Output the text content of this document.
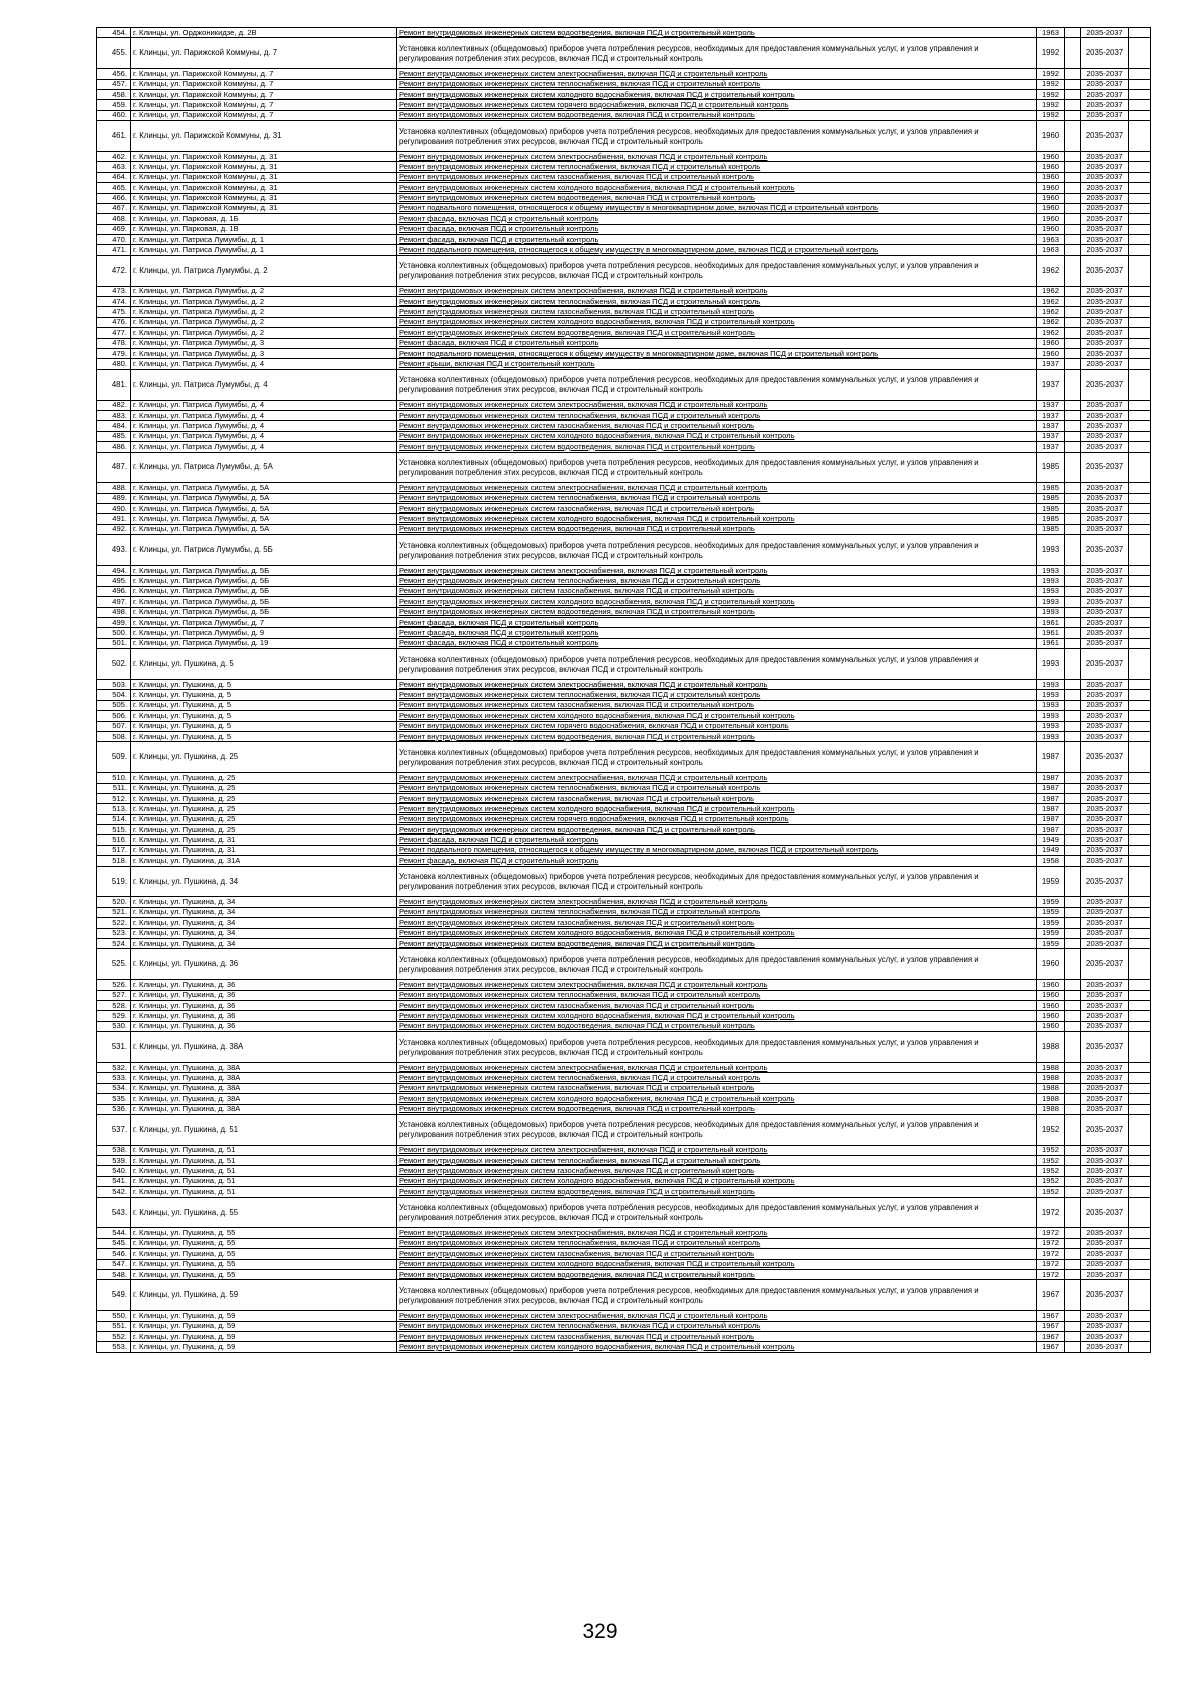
454.	г. Клинцы, ул. Орджоникидзе, д. 2В	Ремонт внутридомовых инженерных систем водоотведения, включая ПСД и строительный контроль	1963		2035-2037	
455.	г. Клинцы, ул. Парижской Коммуны, д. 7	Установка коллективных (общедомовых) приборов учета потребления ресурсов, необходимых для предоставления коммунальных услуг, и узлов управления и регулирования потребления этих ресурсов, включая ПСД и строительный контроль	1992		2035-2037	
456.	г. Клинцы, ул. Парижской Коммуны, д. 7	Ремонт внутридомовых инженерных систем электроснабжения, включая ПСД и строительный контроль	1992		2035-2037	
457.	г. Клинцы, ул. Парижской Коммуны, д. 7	Ремонт внутридомовых инженерных систем теплоснабжения, включая ПСД и строительный контроль	1992		2035-2037	
458.	г. Клинцы, ул. Парижской Коммуны, д. 7	Ремонт внутридомовых инженерных систем холодного водоснабжения, включая ПСД и строительный контроль	1992		2035-2037	
459.	г. Клинцы, ул. Парижской Коммуны, д. 7	Ремонт внутридомовых инженерных систем горячего водоснабжения, включая ПСД и строительный контроль	1992		2035-2037	
460.	г. Клинцы, ул. Парижской Коммуны, д. 7	Ремонт внутридомовых инженерных систем водоотведения, включая ПСД и строительный контроль	1992		2035-2037	
461.	г. Клинцы, ул. Парижской Коммуны, д. 31	Установка коллективных (общедомовых) приборов учета потребления ресурсов, необходимых для предоставления коммунальных услуг, и узлов управления и регулирования потребления этих ресурсов, включая ПСД и строительный контроль	1960		2035-2037	
462.	г. Клинцы, ул. Парижской Коммуны, д. 31	Ремонт внутридомовых инженерных систем электроснабжения, включая ПСД и строительный контроль	1960		2035-2037	
463.	г. Клинцы, ул. Парижской Коммуны, д. 31	Ремонт внутридомовых инженерных систем теплоснабжения, включая ПСД и строительный контроль	1960		2035-2037	
464.	г. Клинцы, ул. Парижской Коммуны, д. 31	Ремонт внутридомовых инженерных систем газоснабжения, включая ПСД и строительный контроль	1960		2035-2037	
465.	г. Клинцы, ул. Парижской Коммуны, д. 31	Ремонт внутридомовых инженерных систем холодного водоснабжения, включая ПСД и строительный контроль	1960		2035-2037	
466.	г. Клинцы, ул. Парижской Коммуны, д. 31	Ремонт внутридомовых инженерных систем водоотведения, включая ПСД и строительный контроль	1960		2035-2037	
467.	г. Клинцы, ул. Парижской Коммуны, д. 31	Ремонт подвального помещения, относящегося к общему имуществу в многоквартирном доме, включая ПСД и строительный контроль	1960		2035-2037	
468.	г. Клинцы, ул. Парковая, д. 1Б	Ремонт фасада, включая ПСД и строительный контроль	1960		2035-2037	
469.	г. Клинцы, ул. Парковая, д. 1В	Ремонт фасада, включая ПСД и строительный контроль	1960		2035-2037	
470.	г. Клинцы, ул. Патриса Лумумбы, д. 1	Ремонт фасада, включая ПСД и строительный контроль	1963		2035-2037	
471.	г. Клинцы, ул. Патриса Лумумбы, д. 1	Ремонт подвального помещения, относящегося к общему имуществу в многоквартирном доме, включая ПСД и строительный контроль	1963		2035-2037	
472.	г. Клинцы, ул. Патриса Лумумбы, д. 2	Установка коллективных (общедомовых) приборов учета потребления ресурсов, необходимых для предоставления коммунальных услуг, и узлов управления и регулирования потребления этих ресурсов, включая ПСД и строительный контроль	1962		2035-2037	
473.	г. Клинцы, ул. Патриса Лумумбы, д. 2	Ремонт внутридомовых инженерных систем электроснабжения, включая ПСД и строительный контроль	1962		2035-2037	
474.	г. Клинцы, ул. Патриса Лумумбы, д. 2	Ремонт внутридомовых инженерных систем теплоснабжения, включая ПСД и строительный контроль	1962		2035-2037	
475.	г. Клинцы, ул. Патриса Лумумбы, д. 2	Ремонт внутридомовых инженерных систем газоснабжения, включая ПСД и строительный контроль	1962		2035-2037	
476.	г. Клинцы, ул. Патриса Лумумбы, д. 2	Ремонт внутридомовых инженерных систем холодного водоснабжения, включая ПСД и строительный контроль	1962		2035-2037	
477.	г. Клинцы, ул. Патриса Лумумбы, д. 2	Ремонт внутридомовых инженерных систем водоотведения, включая ПСД и строительный контроль	1962		2035-2037	
478.	г. Клинцы, ул. Патриса Лумумбы, д. 3	Ремонт фасада, включая ПСД и строительный контроль	1960		2035-2037	
479.	г. Клинцы, ул. Патриса Лумумбы, д. 3	Ремонт подвального помещения, относящегося к общему имуществу в многоквартирном доме, включая ПСД и строительный контроль	1960		2035-2037	
480.	г. Клинцы, ул. Патриса Лумумбы, д. 4	Ремонт крыши, включая ПСД и строительный контроль	1937		2035-2037	
481.	г. Клинцы, ул. Патриса Лумумбы, д. 4	Установка коллективных (общедомовых) приборов учета потребления ресурсов, необходимых для предоставления коммунальных услуг, и узлов управления и регулирования потребления этих ресурсов, включая ПСД и строительный контроль	1937		2035-2037	
482.	г. Клинцы, ул. Патриса Лумумбы, д. 4	Ремонт внутридомовых инженерных систем электроснабжения, включая ПСД и строительный контроль	1937		2035-2037	
483.	г. Клинцы, ул. Патриса Лумумбы, д. 4	Ремонт внутридомовых инженерных систем теплоснабжения, включая ПСД и строительный контроль	1937		2035-2037	
484.	г. Клинцы, ул. Патриса Лумумбы, д. 4	Ремонт внутридомовых инженерных систем газоснабжения, включая ПСД и строительный контроль	1937		2035-2037	
485.	г. Клинцы, ул. Патриса Лумумбы, д. 4	Ремонт внутридомовых инженерных систем холодного водоснабжения, включая ПСД и строительный контроль	1937		2035-2037	
486.	г. Клинцы, ул. Патриса Лумумбы, д. 4	Ремонт внутридомовых инженерных систем водоотведения, включая ПСД и строительный контроль	1937		2035-2037	
487.	г. Клинцы, ул. Патриса Лумумбы, д. 5А	Установка коллективных (общедомовых) приборов учета потребления ресурсов, необходимых для предоставления коммунальных услуг, и узлов управления и регулирования потребления этих ресурсов, включая ПСД и строительный контроль	1985		2035-2037	
488.	г. Клинцы, ул. Патриса Лумумбы, д. 5А	Ремонт внутридомовых инженерных систем электроснабжения, включая ПСД и строительный контроль	1985		2035-2037	
489.	г. Клинцы, ул. Патриса Лумумбы, д. 5А	Ремонт внутридомовых инженерных систем теплоснабжения, включая ПСД и строительный контроль	1985		2035-2037	
490.	г. Клинцы, ул. Патриса Лумумбы, д. 5А	Ремонт внутридомовых инженерных систем газоснабжения, включая ПСД и строительный контроль	1985		2035-2037	
491.	г. Клинцы, ул. Патриса Лумумбы, д. 5А	Ремонт внутридомовых инженерных систем холодного водоснабжения, включая ПСД и строительный контроль	1985		2035-2037	
492.	г. Клинцы, ул. Патриса Лумумбы, д. 5А	Ремонт внутридомовых инженерных систем водоотведения, включая ПСД и строительный контроль	1985		2035-2037	
493.	г. Клинцы, ул. Патриса Лумумбы, д. 5Б	Установка коллективных (общедомовых) приборов учета потребления ресурсов, необходимых для предоставления коммунальных услуг, и узлов управления и регулирования потребления этих ресурсов, включая ПСД и строительный контроль	1993		2035-2037	
494.	г. Клинцы, ул. Патриса Лумумбы, д. 5Б	Ремонт внутридомовых инженерных систем электроснабжения, включая ПСД и строительный контроль	1993		2035-2037	
495.	г. Клинцы, ул. Патриса Лумумбы, д. 5Б	Ремонт внутридомовых инженерных систем теплоснабжения, включая ПСД и строительный контроль	1993		2035-2037	
496.	г. Клинцы, ул. Патриса Лумумбы, д. 5Б	Ремонт внутридомовых инженерных систем газоснабжения, включая ПСД и строительный контроль	1993		2035-2037	
497.	г. Клинцы, ул. Патриса Лумумбы, д. 5Б	Ремонт внутридомовых инженерных систем холодного водоснабжения, включая ПСД и строительный контроль	1993		2035-2037	
498.	г. Клинцы, ул. Патриса Лумумбы, д. 5Б	Ремонт внутридомовых инженерных систем водоотведения, включая ПСД и строительный контроль	1993		2035-2037	
499.	г. Клинцы, ул. Патриса Лумумбы, д. 7	Ремонт фасада, включая ПСД и строительный контроль	1961		2035-2037	
500.	г. Клинцы, ул. Патриса Лумумбы, д. 9	Ремонт фасада, включая ПСД и строительный контроль	1961		2035-2037	
501.	г. Клинцы, ул. Патриса Лумумбы, д. 19	Ремонт фасада, включая ПСД и строительный контроль	1961		2035-2037	
502.	г. Клинцы, ул. Пушкина, д. 5	Установка коллективных (общедомовых) приборов учета потребления ресурсов, необходимых для предоставления коммунальных услуг, и узлов управления и регулирования потребления этих ресурсов, включая ПСД и строительный контроль	1993		2035-2037	
503.	г. Клинцы, ул. Пушкина, д. 5	Ремонт внутридомовых инженерных систем электроснабжения, включая ПСД и строительный контроль	1993		2035-2037	
504.	г. Клинцы, ул. Пушкина, д. 5	Ремонт внутридомовых инженерных систем теплоснабжения, включая ПСД и строительный контроль	1993		2035-2037	
505.	г. Клинцы, ул. Пушкина, д. 5	Ремонт внутридомовых инженерных систем газоснабжения, включая ПСД и строительный контроль	1993		2035-2037	
506.	г. Клинцы, ул. Пушкина, д. 5	Ремонт внутридомовых инженерных систем холодного водоснабжения, включая ПСД и строительный контроль	1993		2035-2037	
507.	г. Клинцы, ул. Пушкина, д. 5	Ремонт внутридомовых инженерных систем горячего водоснабжения, включая ПСД и строительный контроль	1993		2035-2037	
508.	г. Клинцы, ул. Пушкина, д. 5	Ремонт внутридомовых инженерных систем водоотведения, включая ПСД и строительный контроль	1993		2035-2037	
509.	г. Клинцы, ул. Пушкина, д. 25	Установка коллективных (общедомовых) приборов учета потребления ресурсов, необходимых для предоставления коммунальных услуг, и узлов управления и регулирования потребления этих ресурсов, включая ПСД и строительный контроль	1987		2035-2037	
510.	г. Клинцы, ул. Пушкина, д. 25	Ремонт внутридомовых инженерных систем электроснабжения, включая ПСД и строительный контроль	1987		2035-2037	
511.	г. Клинцы, ул. Пушкина, д. 25	Ремонт внутридомовых инженерных систем теплоснабжения, включая ПСД и строительный контроль	1987		2035-2037	
512.	г. Клинцы, ул. Пушкина, д. 25	Ремонт внутридомовых инженерных систем газоснабжения, включая ПСД и строительный контроль	1987		2035-2037	
513.	г. Клинцы, ул. Пушкина, д. 25	Ремонт внутридомовых инженерных систем холодного водоснабжения, включая ПСД и строительный контроль	1987		2035-2037	
514.	г. Клинцы, ул. Пушкина, д. 25	Ремонт внутридомовых инженерных систем горячего водоснабжения, включая ПСД и строительный контроль	1987		2035-2037	
515.	г. Клинцы, ул. Пушкина, д. 25	Ремонт внутридомовых инженерных систем водоотведения, включая ПСД и строительный контроль	1987		2035-2037	
516.	г. Клинцы, ул. Пушкина, д. 31	Ремонт фасада, включая ПСД и строительный контроль	1949		2035-2037	
517.	г. Клинцы, ул. Пушкина, д. 31	Ремонт подвального помещения, относящегося к общему имуществу в многоквартирном доме, включая ПСД и строительный контроль	1949		2035-2037	
518.	г. Клинцы, ул. Пушкина, д. 31А	Ремонт фасада, включая ПСД и строительный контроль	1958		2035-2037	
519.	г. Клинцы, ул. Пушкина, д. 34	Установка коллективных (общедомовых) приборов учета потребления ресурсов, необходимых для предоставления коммунальных услуг, и узлов управления и регулирования потребления этих ресурсов, включая ПСД и строительный контроль	1959		2035-2037	
520.	г. Клинцы, ул. Пушкина, д. 34	Ремонт внутридомовых инженерных систем электроснабжения, включая ПСД и строительный контроль	1959		2035-2037	
521.	г. Клинцы, ул. Пушкина, д. 34	Ремонт внутридомовых инженерных систем теплоснабжения, включая ПСД и строительный контроль	1959		2035-2037	
522.	г. Клинцы, ул. Пушкина, д. 34	Ремонт внутридомовых инженерных систем газоснабжения, включая ПСД и строительный контроль	1959		2035-2037	
523.	г. Клинцы, ул. Пушкина, д. 34	Ремонт внутридомовых инженерных систем холодного водоснабжения, включая ПСД и строительный контроль	1959		2035-2037	
524.	г. Клинцы, ул. Пушкина, д. 34	Ремонт внутридомовых инженерных систем водоотведения, включая ПСД и строительный контроль	1959		2035-2037	
525.	г. Клинцы, ул. Пушкина, д. 36	Установка коллективных (общедомовых) приборов учета потребления ресурсов, необходимых для предоставления коммунальных услуг, и узлов управления и регулирования потребления этих ресурсов, включая ПСД и строительный контроль	1960		2035-2037	
526.	г. Клинцы, ул. Пушкина, д. 36	Ремонт внутридомовых инженерных систем электроснабжения, включая ПСД и строительный контроль	1960		2035-2037	
527.	г. Клинцы, ул. Пушкина, д. 36	Ремонт внутридомовых инженерных систем теплоснабжения, включая ПСД и строительный контроль	1960		2035-2037	
528.	г. Клинцы, ул. Пушкина, д. 36	Ремонт внутридомовых инженерных систем газоснабжения, включая ПСД и строительный контроль	1960		2035-2037	
529.	г. Клинцы, ул. Пушкина, д. 36	Ремонт внутридомовых инженерных систем холодного водоснабжения, включая ПСД и строительный контроль	1960		2035-2037	
530.	г. Клинцы, ул. Пушкина, д. 36	Ремонт внутридомовых инженерных систем водоотведения, включая ПСД и строительный контроль	1960		2035-2037	
531.	г. Клинцы, ул. Пушкина, д. 38А	Установка коллективных (общедомовых) приборов учета потребления ресурсов, необходимых для предоставления коммунальных услуг, и узлов управления и регулирования потребления этих ресурсов, включая ПСД и строительный контроль	1988		2035-2037	
532.	г. Клинцы, ул. Пушкина, д. 38А	Ремонт внутридомовых инженерных систем электроснабжения, включая ПСД и строительный контроль	1988		2035-2037	
533.	г. Клинцы, ул. Пушкина, д. 38А	Ремонт внутридомовых инженерных систем теплоснабжения, включая ПСД и строительный контроль	1988		2035-2037	
534.	г. Клинцы, ул. Пушкина, д. 38А	Ремонт внутридомовых инженерных систем газоснабжения, включая ПСД и строительный контроль	1988		2035-2037	
535.	г. Клинцы, ул. Пушкина, д. 38А	Ремонт внутридомовых инженерных систем холодного водоснабжения, включая ПСД и строительный контроль	1988		2035-2037	
536.	г. Клинцы, ул. Пушкина, д. 38А	Ремонт внутридомовых инженерных систем водоотведения, включая ПСД и строительный контроль	1988		2035-2037	
537.	г. Клинцы, ул. Пушкина, д. 51	Установка коллективных (общедомовых) приборов учета потребления ресурсов, необходимых для предоставления коммунальных услуг, и узлов управления и регулирования потребления этих ресурсов, включая ПСД и строительный контроль	1952		2035-2037	
538.	г. Клинцы, ул. Пушкина, д. 51	Ремонт внутридомовых инженерных систем электроснабжения, включая ПСД и строительный контроль	1952		2035-2037	
539.	г. Клинцы, ул. Пушкина, д. 51	Ремонт внутридомовых инженерных систем теплоснабжения, включая ПСД и строительный контроль	1952		2035-2037	
540.	г. Клинцы, ул. Пушкина, д. 51	Ремонт внутридомовых инженерных систем газоснабжения, включая ПСД и строительный контроль	1952		2035-2037	
541.	г. Клинцы, ул. Пушкина, д. 51	Ремонт внутридомовых инженерных систем холодного водоснабжения, включая ПСД и строительный контроль	1952		2035-2037	
542.	г. Клинцы, ул. Пушкина, д. 51	Ремонт внутридомовых инженерных систем водоотведения, включая ПСД и строительный контроль	1952		2035-2037	
543.	г. Клинцы, ул. Пушкина, д. 55	Установка коллективных (общедомовых) приборов учета потребления ресурсов, необходимых для предоставления коммунальных услуг, и узлов управления и регулирования потребления этих ресурсов, включая ПСД и строительный контроль	1972		2035-2037	
544.	г. Клинцы, ул. Пушкина, д. 55	Ремонт внутридомовых инженерных систем электроснабжения, включая ПСД и строительный контроль	1972		2035-2037	
545.	г. Клинцы, ул. Пушкина, д. 55	Ремонт внутридомовых инженерных систем теплоснабжения, включая ПСД и строительный контроль	1972		2035-2037	
546.	г. Клинцы, ул. Пушкина, д. 55	Ремонт внутридомовых инженерных систем газоснабжения, включая ПСД и строительный контроль	1972		2035-2037	
547.	г. Клинцы, ул. Пушкина, д. 55	Ремонт внутридомовых инженерных систем холодного водоснабжения, включая ПСД и строительный контроль	1972		2035-2037	
548.	г. Клинцы, ул. Пушкина, д. 55	Ремонт внутридомовых инженерных систем водоотведения, включая ПСД и строительный контроль	1972		2035-2037	
549.	г. Клинцы, ул. Пушкина, д. 59	Установка коллективных (общедомовых) приборов учета потребления ресурсов, необходимых для предоставления коммунальных услуг, и узлов управления и регулирования потребления этих ресурсов, включая ПСД и строительный контроль	1967		2035-2037	
550.	г. Клинцы, ул. Пушкина, д. 59	Ремонт внутридомовых инженерных систем электроснабжения, включая ПСД и строительный контроль	1967		2035-2037	
551.	г. Клинцы, ул. Пушкина, д. 59	Ремонт внутридомовых инженерных систем теплоснабжения, включая ПСД и строительный контроль	1967		2035-2037	
552.	г. Клинцы, ул. Пушкина, д. 59	Ремонт внутридомовых инженерных систем газоснабжения, включая ПСД и строительный контроль	1967		2035-2037	
553.	г. Клинцы, ул. Пушкина, д. 59	Ремонт внутридомовых инженерных систем холодного водоснабжения, включая ПСД и строительный контроль	1967		2035-2037	
329
